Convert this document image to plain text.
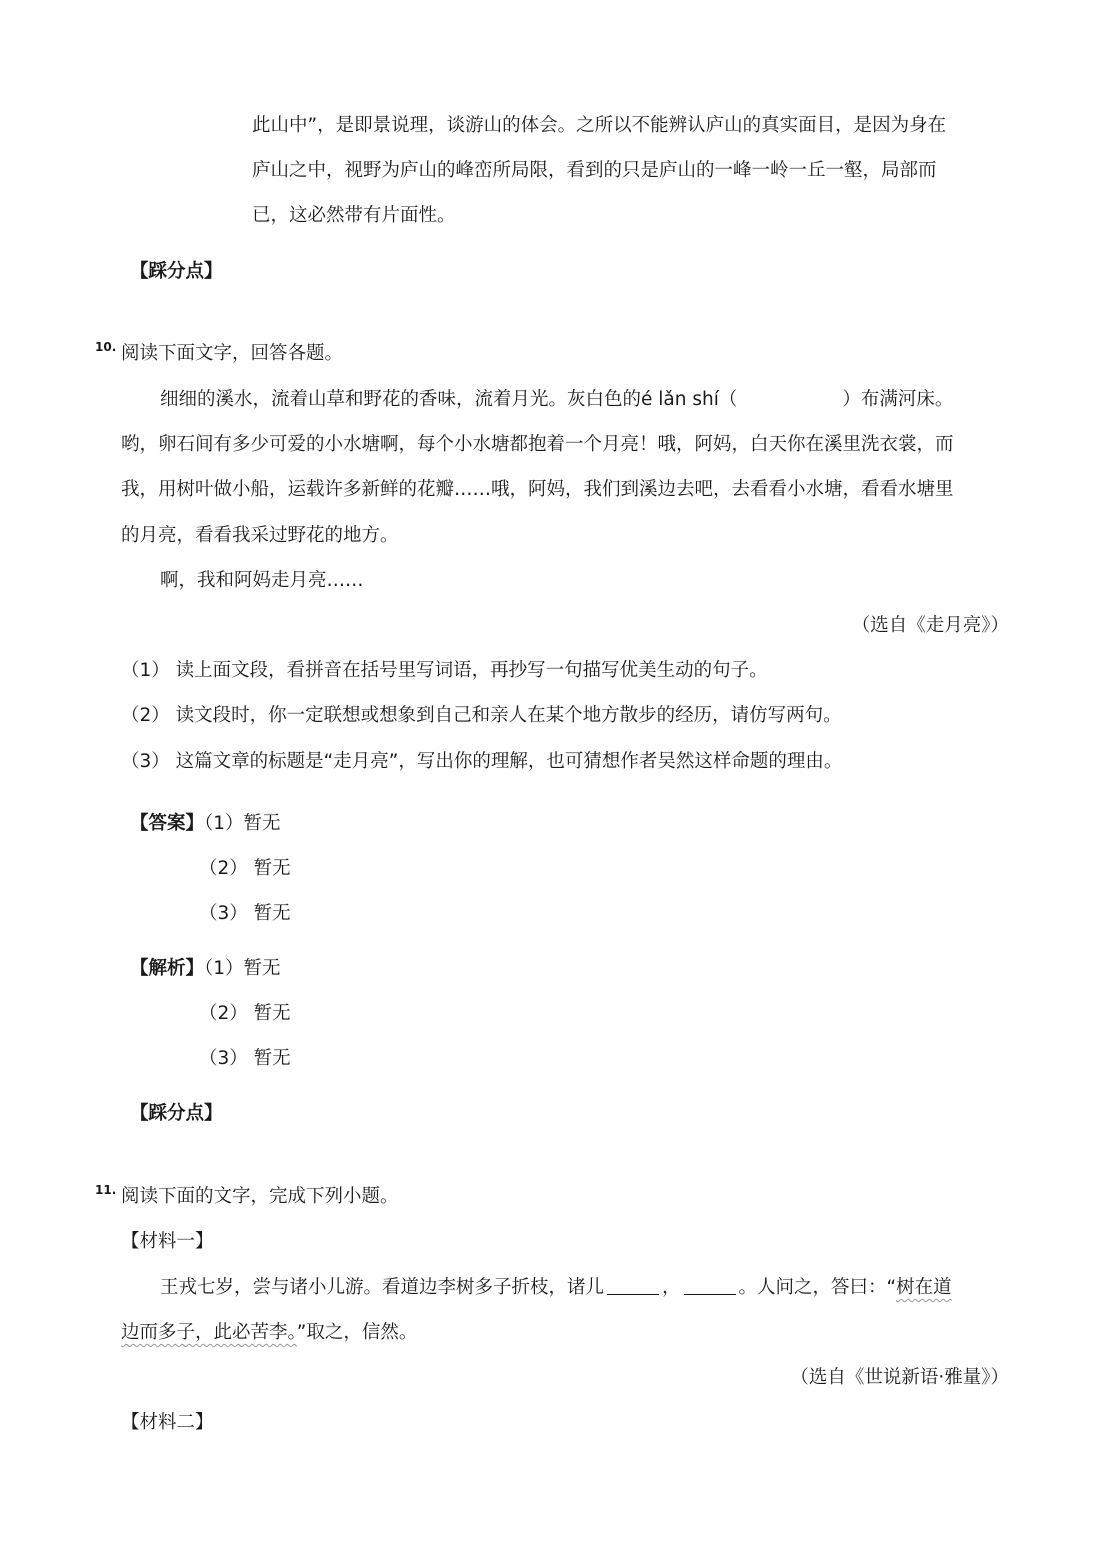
此山中”，是即景说理，谈游山的体会。之所以不能辨认庐山的真实面目，是因为身在
庐山之中，视野为庐山的峰峦所局限，看到的只是庐山的一峰一岭一丘一壑，局部而
已，这必然带有片面性。
【踩分点】
10. 阅读下面文字，回答各题。
细细的溪水，流着山草和野花的香味，流着月光。灰白色的é lǎn shí（	）布满河床。
哟，卵石间有多少可爱的小水塘啊，每个小水塘都抱着一个月亮！哦，阿妈，白天你在溪里洗衣裳，而
我，用树叶做小船，运载许多新鲜的花瓣……哦，阿妈，我们到溪边去吧，去看看小水塘，看看水塘里
的月亮，看看我采过野花的地方。
啊，我和阿妈走月亮……
（选自《走月亮》）
（1） 读上面文段，看拼音在括号里写词语，再抄写一句描写优美生动的句子。
（2） 读文段时，你一定联想或想象到自己和亲人在某个地方散步的经历，请仿写两句。
（3） 这篇文章的标题是“走月亮”，写出你的理解，也可猜想作者吴然这样命题的理由。
【答案】（1）暂无
（2） 暂无
（3） 暂无
【解析】（1）暂无
（2） 暂无
（3） 暂无
【踩分点】
11. 阅读下面的文字，完成下列小题。
【材料一】
王戎七岁，尝与诸小儿游。看道边李树多子折枝，诸儿	，	。人问之，答曰：“树在道
边而多子，此必苦李。”取之，信然。
（选自《世说新语·雅量》）
【材料二】
